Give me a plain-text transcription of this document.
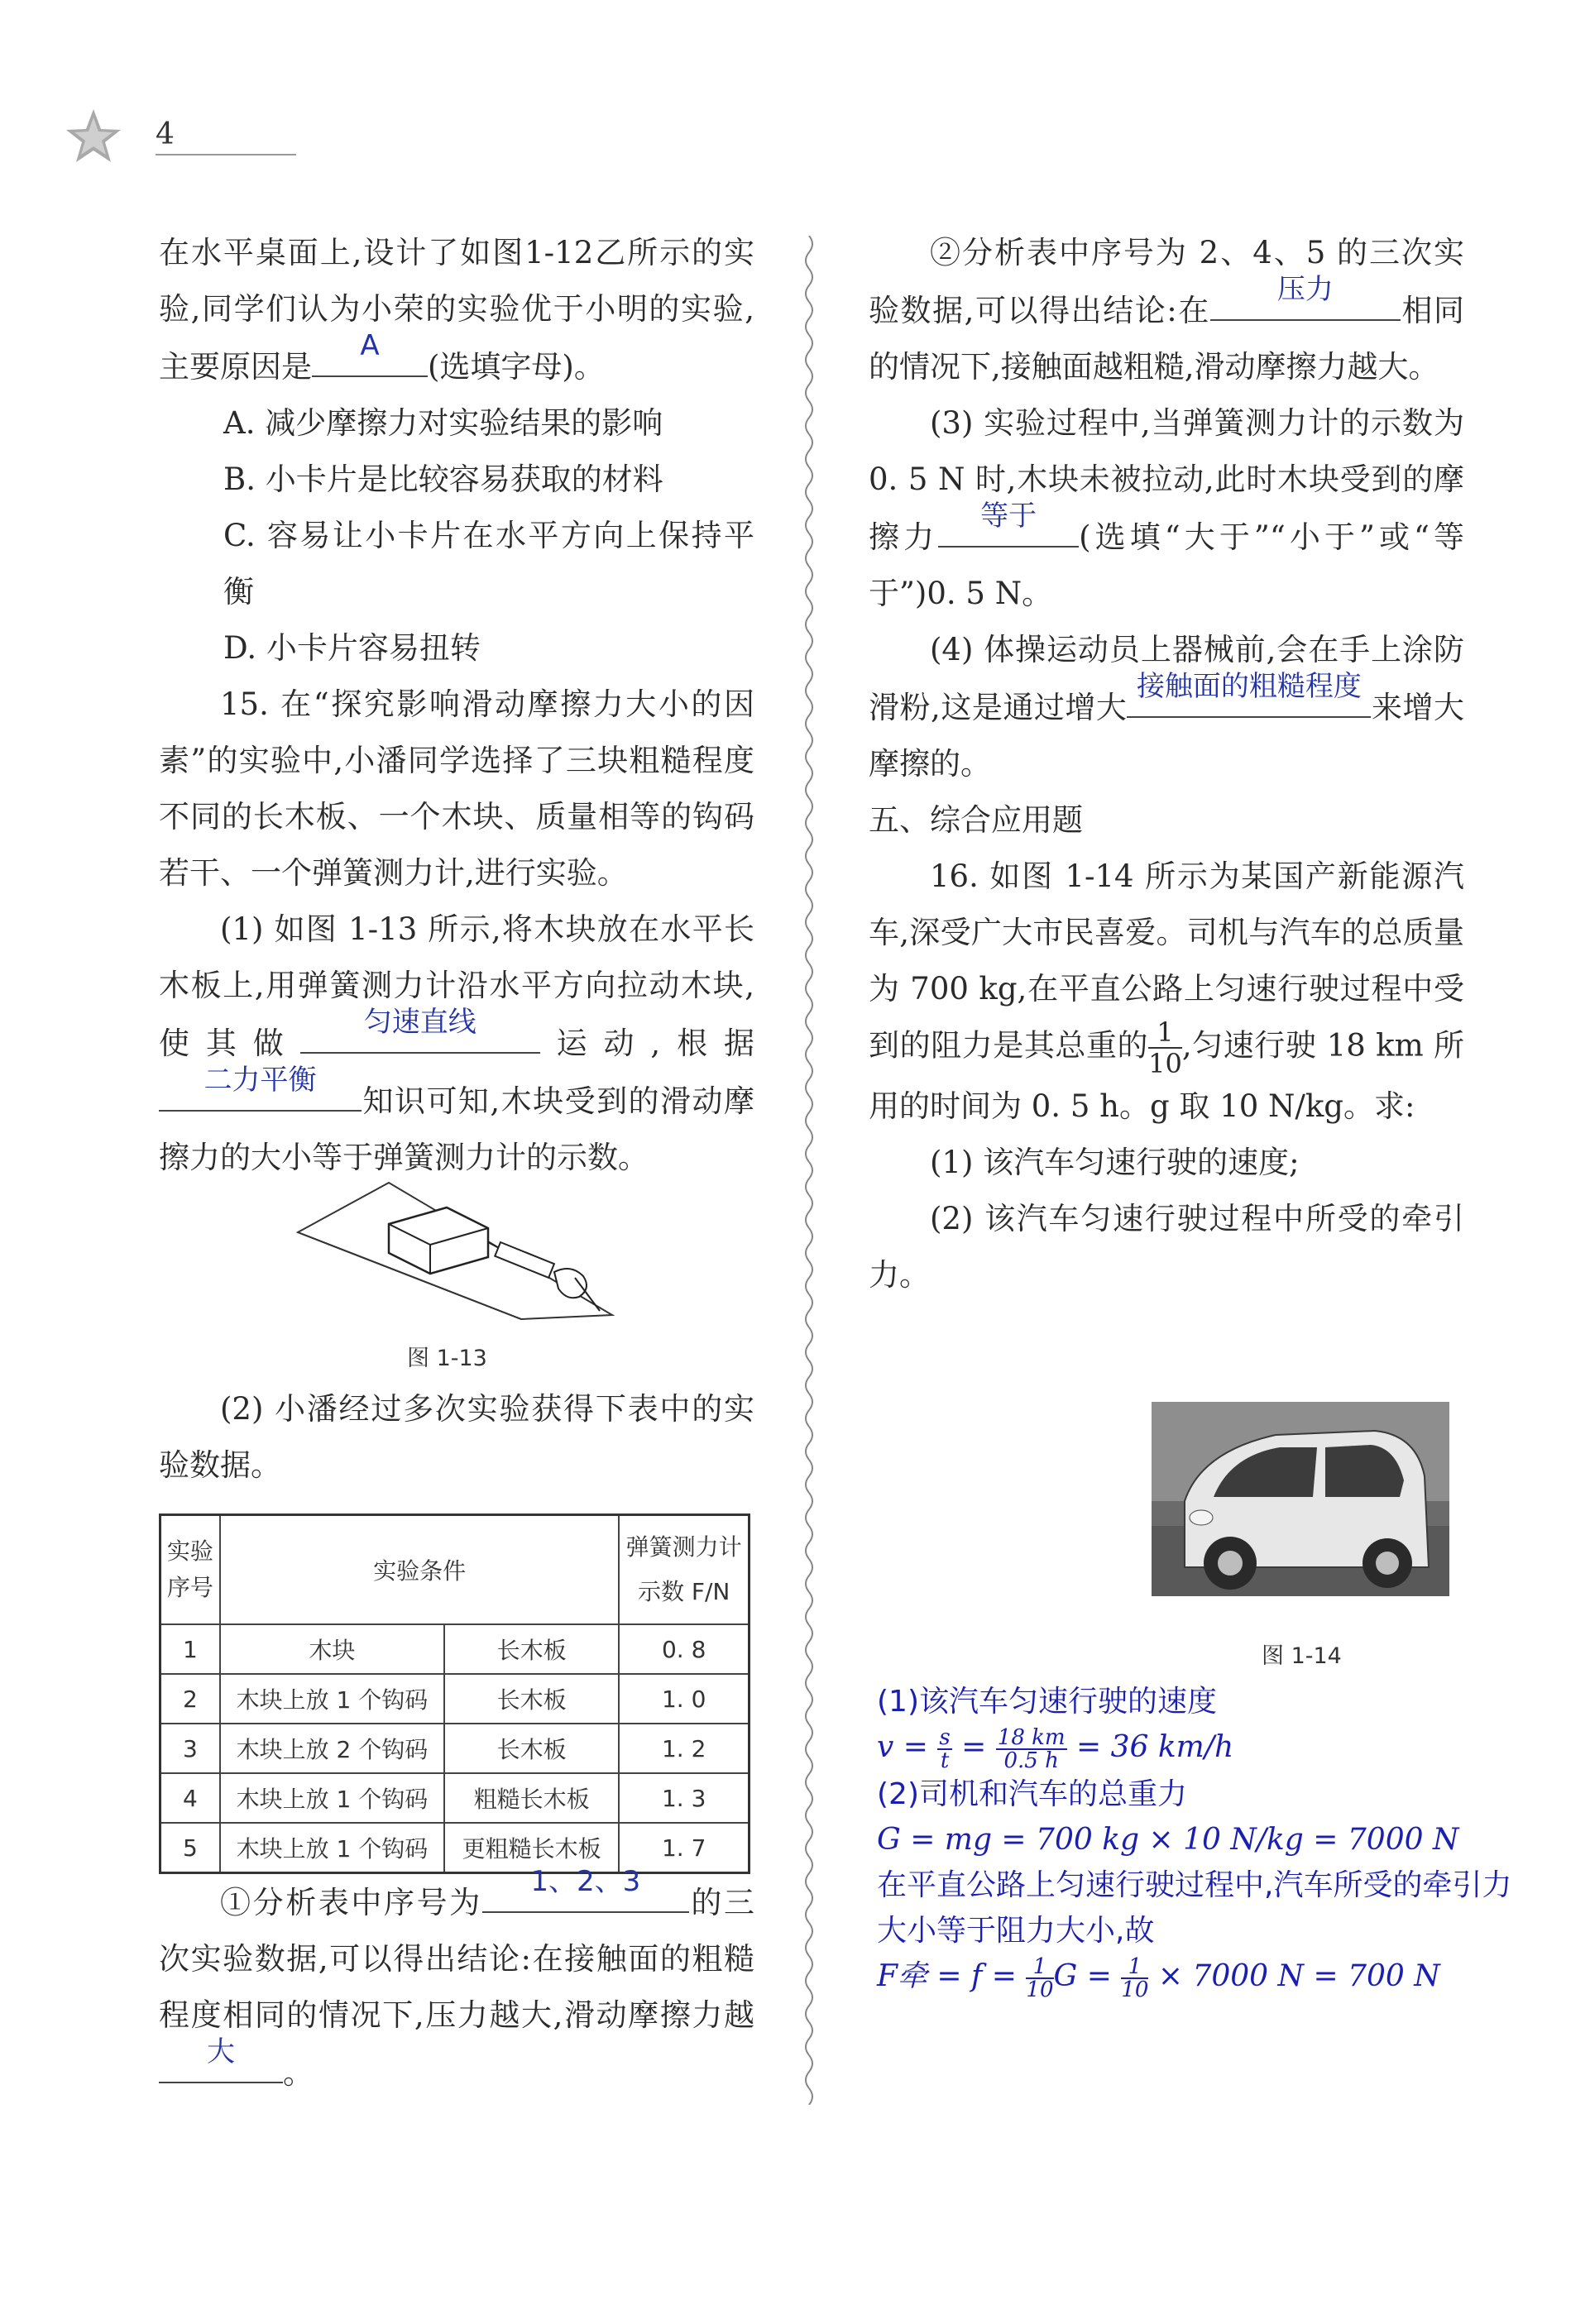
4

在水平桌面上,设计了如图1-12乙所示的实验,同学们认为小荣的实验优于小明的实验,主要原因是
A
(选填字母)。

A. 减少摩擦力对实验结果的影响

B. 小卡片是比较容易获取的材料

C. 容易让小卡片在水平方向上保持平衡

D. 小卡片容易扭转

15. 在“探究影响滑动摩擦力大小的因素”的实验中,小潘同学选择了三块粗糙程度不同的长木板、一个木块、质量相等的钩码若干、一个弹簧测力计,进行实验。

(1) 如图 1-13 所示,将木块放在水平长木板上,用弹簧测力计沿水平方向拉动木块,使其做
匀速直线
运动,根据
二力平衡
知识可知,木块受到的滑动摩擦力的大小等于弹簧测力计的示数。

图 1-13

(2) 小潘经过多次实验获得下表中的实验数据。

实验序号	实验条件		弹簧测力计示数 F/N
1	木块	长木板	0. 8
2	木块上放 1 个钩码	长木板	1. 0
3	木块上放 2 个钩码	长木板	1. 2
4	木块上放 1 个钩码	粗糙长木板	1. 3
5	木块上放 1 个钩码	更粗糙长木板	1. 7

①分析表中序号为
1、2、3
的三次实验数据,可以得出结论:在接触面的粗糙程度相同的情况下,压力越大,滑动摩擦力越
大
。

②分析表中序号为 2、4、5 的三次实验数据,可以得出结论:在
压力
相同的情况下,接触面越粗糙,滑动摩擦力越大。

(3) 实验过程中,当弹簧测力计的示数为 0. 5 N 时,木块未被拉动,此时木块受到的摩擦力
等于
(选填“大于”“小于”或“等于”)0. 5 N。

(4) 体操运动员上器械前,会在手上涂防滑粉,这是通过增大
接触面的粗糙程度
来增大摩擦的。

五、综合应用题

16. 如图 1-14 所示为某国产新能源汽车,深受广大市民喜爱。司机与汽车的总质量为 700 kg,在平直公路上匀速行驶过程中受到的阻力是其总重的 $\frac{1}{10}$ ,匀速行驶 18 km 所用的时间为 0. 5 h。g 取 10 N/kg。求:

(1) 该汽车匀速行驶的速度;

(2) 该汽车匀速行驶过程中所受的牵引力。

图 1-14

(1)该汽车匀速行驶的速度

$v = \frac{s}{t} = \frac{18 km}{0.5 h} = 36$ km/h

(2)司机和汽车的总重力

G = mg = 700 kg × 10 N/kg = 7000 N

在平直公路上匀速行驶过程中,汽车所受的牵引力大小等于阻力大小,故

F牵 = $f = \frac{1}{10}$ $G = \frac{1}{10} \times 7000$ N = 700 N
